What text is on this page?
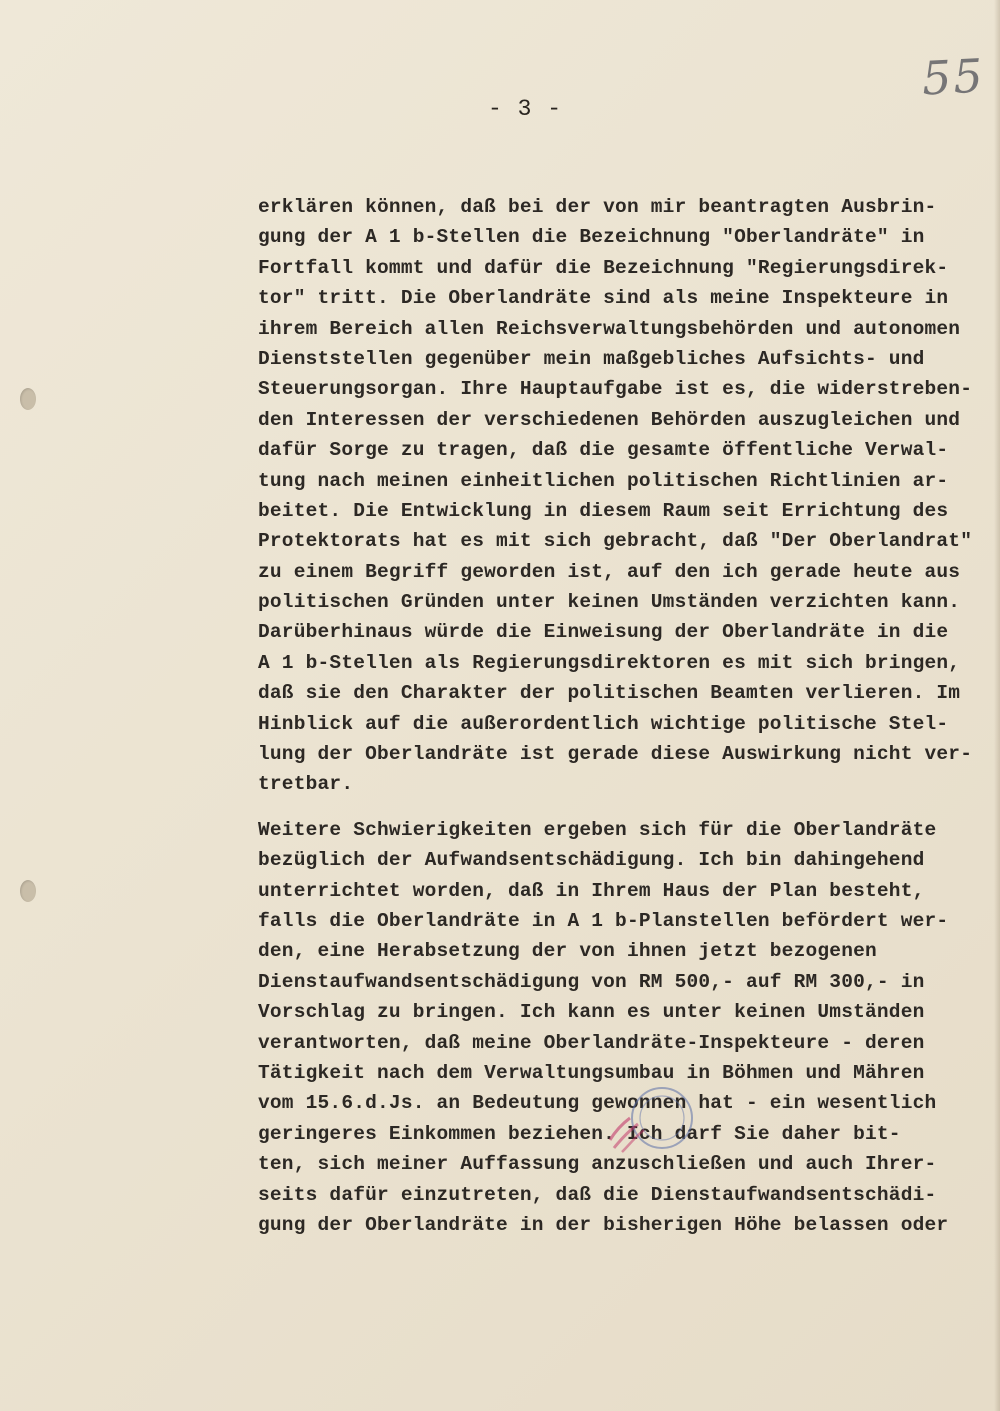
55
- 3 -
erklären können, daß bei der von mir beantragten Ausbrin-
gung der A 1 b-Stellen die Bezeichnung "Oberlandräte" in
Fortfall kommt und dafür die Bezeichnung "Regierungsdirek-
tor" tritt. Die Oberlandräte sind als meine Inspekteure in
ihrem Bereich allen Reichsverwaltungsbehörden und autonomen
Dienststellen gegenüber mein maßgebliches Aufsichts- und
Steuerungsorgan. Ihre Hauptaufgabe ist es, die widerstreben-
den Interessen der verschiedenen Behörden auszugleichen und
dafür Sorge zu tragen, daß die gesamte öffentliche Verwal-
tung nach meinen einheitlichen politischen Richtlinien ar-
beitet. Die Entwicklung in diesem Raum seit Errichtung des
Protektorats hat es mit sich gebracht, daß "Der Oberlandrat"
zu einem Begriff geworden ist, auf den ich gerade heute aus
politischen Gründen unter keinen Umständen verzichten kann.
Darüberhinaus würde die Einweisung der Oberlandräte in die
A 1 b-Stellen als Regierungsdirektoren es mit sich bringen,
daß sie den Charakter der politischen Beamten verlieren. Im
Hinblick auf die außerordentlich wichtige politische Stel-
lung der Oberlandräte ist gerade diese Auswirkung nicht ver-
tretbar.
Weitere Schwierigkeiten ergeben sich für die Oberlandräte
bezüglich der Aufwandsentschädigung. Ich bin dahingehend
unterrichtet worden, daß in Ihrem Haus der Plan besteht,
falls die Oberlandräte in A 1 b-Planstellen befördert wer-
den, eine Herabsetzung der von ihnen jetzt bezogenen
Dienstaufwandsentschädigung von RM 500,- auf RM 300,- in
Vorschlag zu bringen. Ich kann es unter keinen Umständen
verantworten, daß meine Oberlandräte-Inspekteure - deren
Tätigkeit nach dem Verwaltungsumbau in Böhmen und Mähren
vom 15.6.d.Js. an Bedeutung gewonnen hat - ein wesentlich
geringeres Einkommen beziehen. Ich darf Sie daher bit-
ten, sich meiner Auffassung anzuschließen und auch Ihrer-
seits dafür einzutreten, daß die Dienstaufwandsentschädi-
gung der Oberlandräte in der bisherigen Höhe belassen oder
